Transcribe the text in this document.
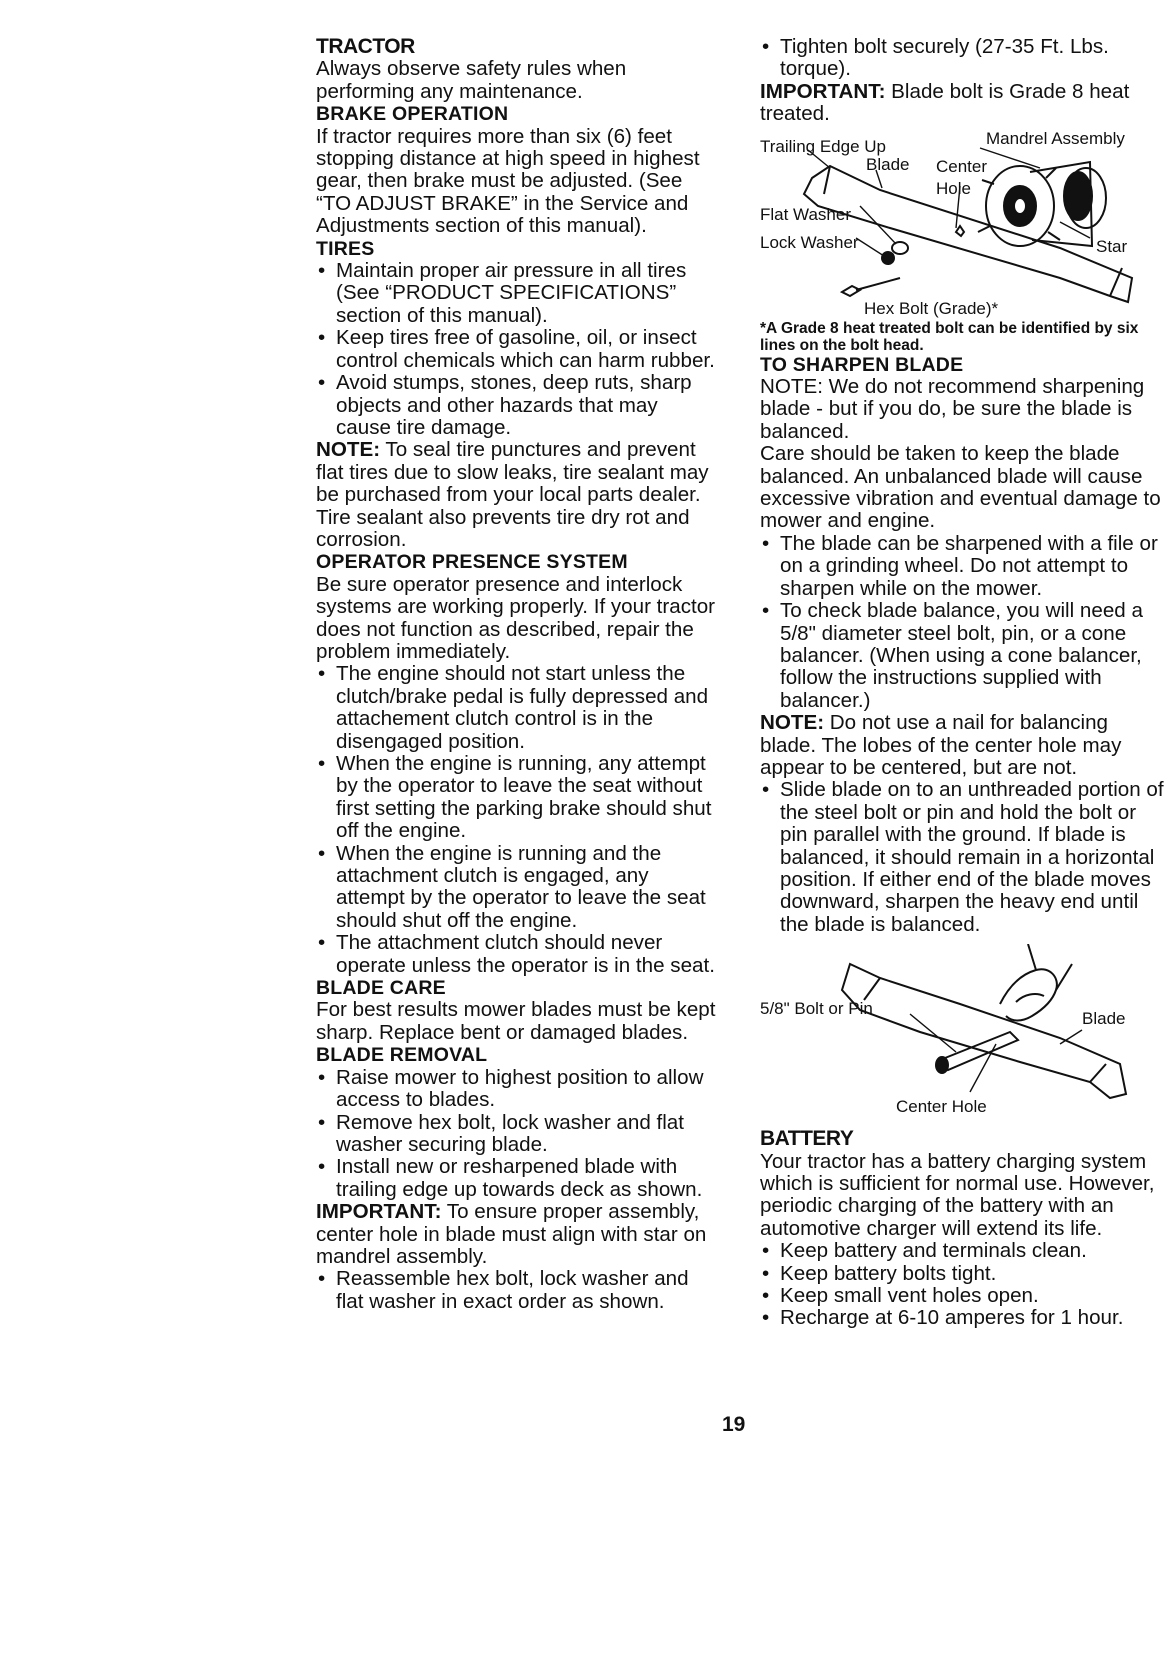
TRACTOR

Always observe safety rules when performing any maintenance.

BRAKE OPERATION

If tractor requires more than six (6) feet stopping distance at high speed in highest gear, then brake must be adjusted. (See “TO ADJUST BRAKE” in the Service and Adjustments section of this manual).

TIRES
• Maintain proper air pressure in all tires (See “PRODUCT SPECIFICATIONS” section of this manual).
• Keep tires free of gasoline, oil, or insect control chemicals which can harm rubber.
• Avoid stumps, stones, deep ruts, sharp objects and other hazards that may cause tire damage.

NOTE: To seal tire punctures and prevent flat tires due to slow leaks, tire sealant may be purchased from your local parts dealer. Tire sealant also prevents tire dry rot and corrosion.

OPERATOR PRESENCE SYSTEM

Be sure operator presence and interlock systems are working properly. If your tractor does not function as described, repair the problem immediately.

• The engine should not start unless the clutch/brake pedal is fully depressed and attachement clutch control is in the disengaged position.
• When the engine is running, any attempt by the operator to leave the seat without first setting the parking brake should shut off the engine.
• When the engine is running and the attachment clutch is engaged, any attempt by the operator to leave the seat should shut off the engine.
• The attachment clutch should never operate unless the operator is in the seat.
BLADE CARE

For best results mower blades must be kept sharp. Replace bent or damaged blades.

BLADE REMOVAL
• Raise mower to highest position to allow access to blades.
• Remove hex bolt, lock washer and flat washer securing blade.
• Install new or resharpened blade with trailing edge up towards deck as shown.

IMPORTANT: To ensure proper assembly, center hole in blade must align with star on mandrel assembly.

• Reassemble hex bolt, lock washer and flat washer in exact order as shown.
19
• Tighten bolt securely (27-35 Ft. Lbs. torque).

IMPORTANT: Blade bolt is Grade 8 heat treated.

Trailing Edge Up	Mandrel Assembly
Blade Center
Hole
Flat Washer
Lock Washer	Star
Hex Bolt (Grade)*

*A Grade 8 heat treated bolt can be identified by six lines on the bolt head.

TO SHARPEN BLADE

NOTE: We do not recommend sharpening blade - but if you do, be sure the blade is balanced.

Care should be taken to keep the blade balanced. An unbalanced blade will cause excessive vibration and eventual damage to mower and engine.

• The blade can be sharpened with a file or on a grinding wheel. Do not attempt to sharpen while on the mower.
• To check blade balance, you will need a 5/8" diameter steel bolt, pin, or a cone balancer. (When using a cone balancer, follow the instructions supplied with balancer.)

NOTE: Do not use a nail for balancing blade. The lobes of the center hole may appear to be centered, but are not.

• Slide blade on to an unthreaded portion of the steel bolt or pin and hold the bolt or pin parallel with the ground. If blade is balanced, it should remain in a horizontal position. If either end of the blade moves downward, sharpen the heavy end until the blade is balanced.
5/8" Bolt or Pin
Blade
Center Hole
BATTERY

Your tractor has a battery charging system which is sufficient for normal use. However, periodic charging of the battery with an automotive charger will extend its life.

• Keep battery and terminals clean.
• Keep battery bolts tight.
• Keep small vent holes open.
• Recharge at 6-10 amperes for 1 hour.
